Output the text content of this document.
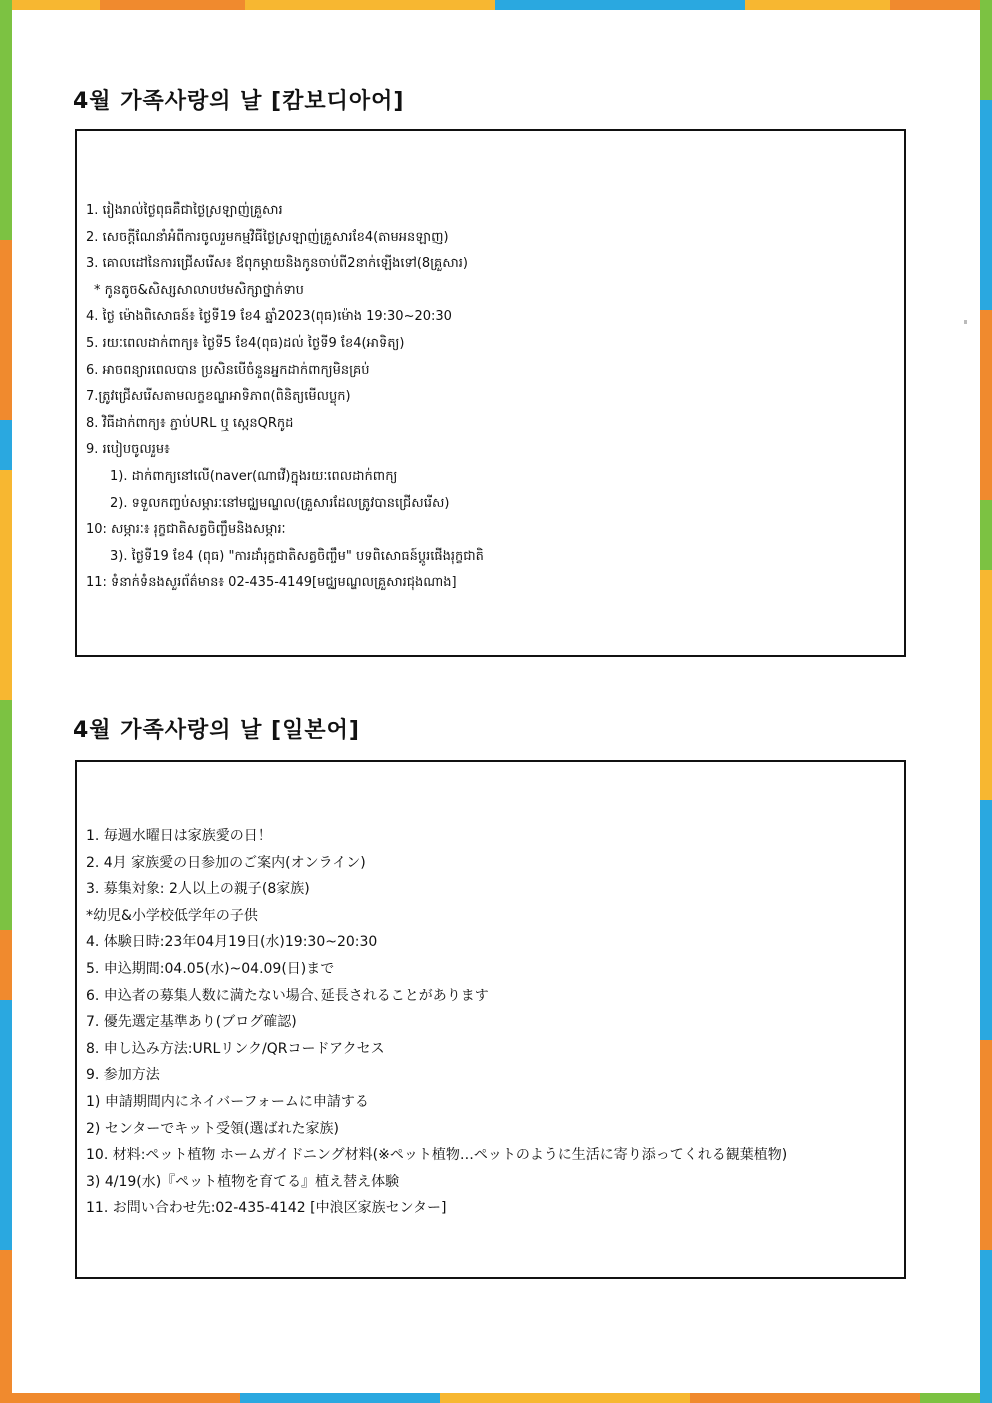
4월 가족사랑의 날 [캄보디아어]
1. រៀងរាល់ថ្ងៃពុធគឺជាថ្ងៃស្រឡាញ់គ្រួសារ
2. សេចក្តីណែនាំអំពីការចូលរួមកម្មវិធីថ្ងៃស្រឡាញ់គ្រួសារខែ4(តាមអនឡាញ)
3. គោលដៅនៃការជ្រើសរើស៖ ឪពុកម្តាយនិងកូនចាប់ពី2នាក់ឡើងទៅ(8គ្រួសារ)
* កូនតូច&សិស្សសាលាបឋមសិក្សាថ្នាក់ទាប
4. ថ្ងៃ ម៉ោងពិសោធន៍៖ ថ្ងៃទី19 ខែ4 ឆ្នាំ2023(ពុធ)ម៉ោង 19:30~20:30
5. រយៈពេលដាក់ពាក្យ៖ ថ្ងៃទី5 ខែ4(ពុធ)ដល់ ថ្ងៃទី9 ខែ4(អាទិត្យ)
6. អាចពន្យារពេលបាន ប្រសិនបើចំនួនអ្នកដាក់ពាក្យមិនគ្រប់
7.ត្រូវជ្រើសរើសតាមលក្ខខណ្ឌអាទិភាព(ពិនិត្យមើលប្លុក)
8. វិធីដាក់ពាក្យ៖ ភ្ជាប់URL ឬ ស្កេនQRកូដ
9. របៀបចូលរួម៖
1). ដាក់ពាក្យនៅលើ(naver(ណាវើ)ក្នុងរយៈពេលដាក់ពាក្យ
2). ទទួលកញ្ចប់សម្ភារៈនៅមជ្ឈមណ្ឌល(គ្រួសារដែលត្រូវបានជ្រើសរើស)
10: សម្ភារៈ៖ រុក្ខជាតិសត្វចិញ្ចឹមនិងសម្ភារៈ
3). ថ្ងៃទី19 ខែ4 (ពុធ) "ការដាំរុក្ខជាតិសត្វចិញ្ចឹម" បទពិសោធន៍ប្តូរផើងរុក្ខជាតិ
11: ទំនាក់ទំនងសួរព័ត៌មាន៖ 02-435-4149[មជ្ឈមណ្ឌលគ្រួសារជុងណាង]
4월 가족사랑의 날 [일본어]
1. 毎週水曜日は家族愛の日！
2. 4月 家族愛の日参加のご案内(オンライン)
3. 募集対象: 2人以上の親子(8家族)
*幼児&小学校低学年の子供
4. 体験日時:23年04月19日(水)19:30~20:30
5. 申込期間:04.05(水)~04.09(日)まで
6. 申込者の募集人数に満たない場合､延長されることがあります
7. 優先選定基準あり(ブログ確認)
8. 申し込み方法:URLリンク/QRコードアクセス
9. 参加方法
1) 申請期間内にネイバーフォームに申請する
2) センターでキット受領(選ばれた家族)
10. 材料:ペット植物 ホームガイドニング材料(※ペット植物…ペットのように生活に寄り添ってくれる観葉植物)
3) 4/19(水)『ペット植物を育てる』植え替え体験
11. お問い合わせ先:02-435-4142 [中浪区家族センター]
